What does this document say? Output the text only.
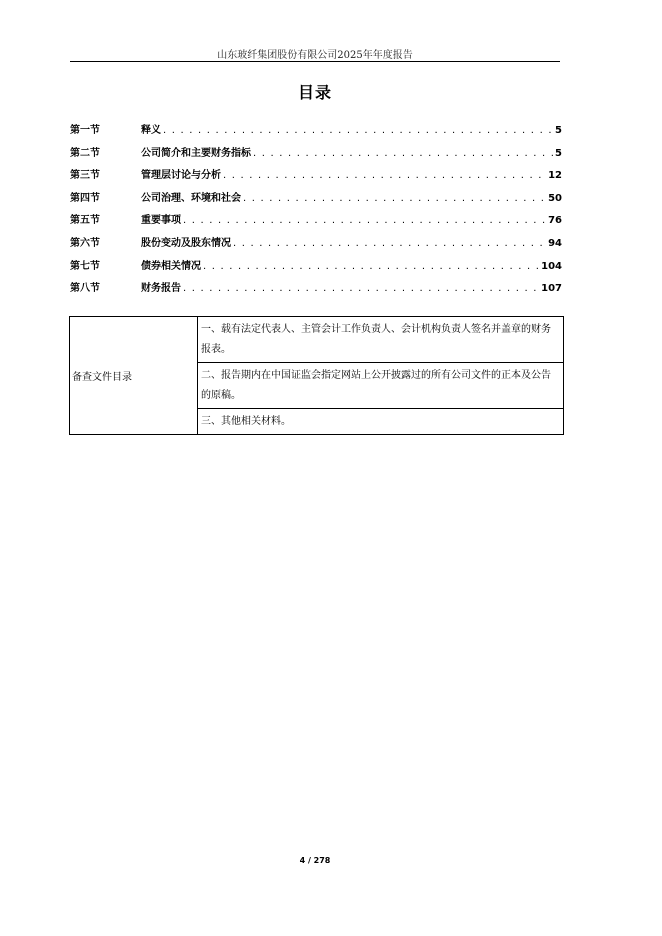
山东玻纤集团股份有限公司2025年年度报告
目录
第一节	释义 . . .	5
第二节	公司简介和主要财务指标 . . .	5
第三节	管理层讨论与分析 . . .	12
第四节	公司治理、环境和社会 . . .	50
第五节	重要事项 . . .	76
第六节	股份变动及股东情况 . . .	94
第七节	债券相关情况 . . .	104
第八节	财务报告 . . .	107
备查文件目录	一、载有法定代表人、主管会计工作负责人、会计机构负责人签名并盖章的财务报表。
二、报告期内在中国证监会指定网站上公开披露过的所有公司文件的正本及公告的原稿。
三、其他相关材料。
4 / 278
